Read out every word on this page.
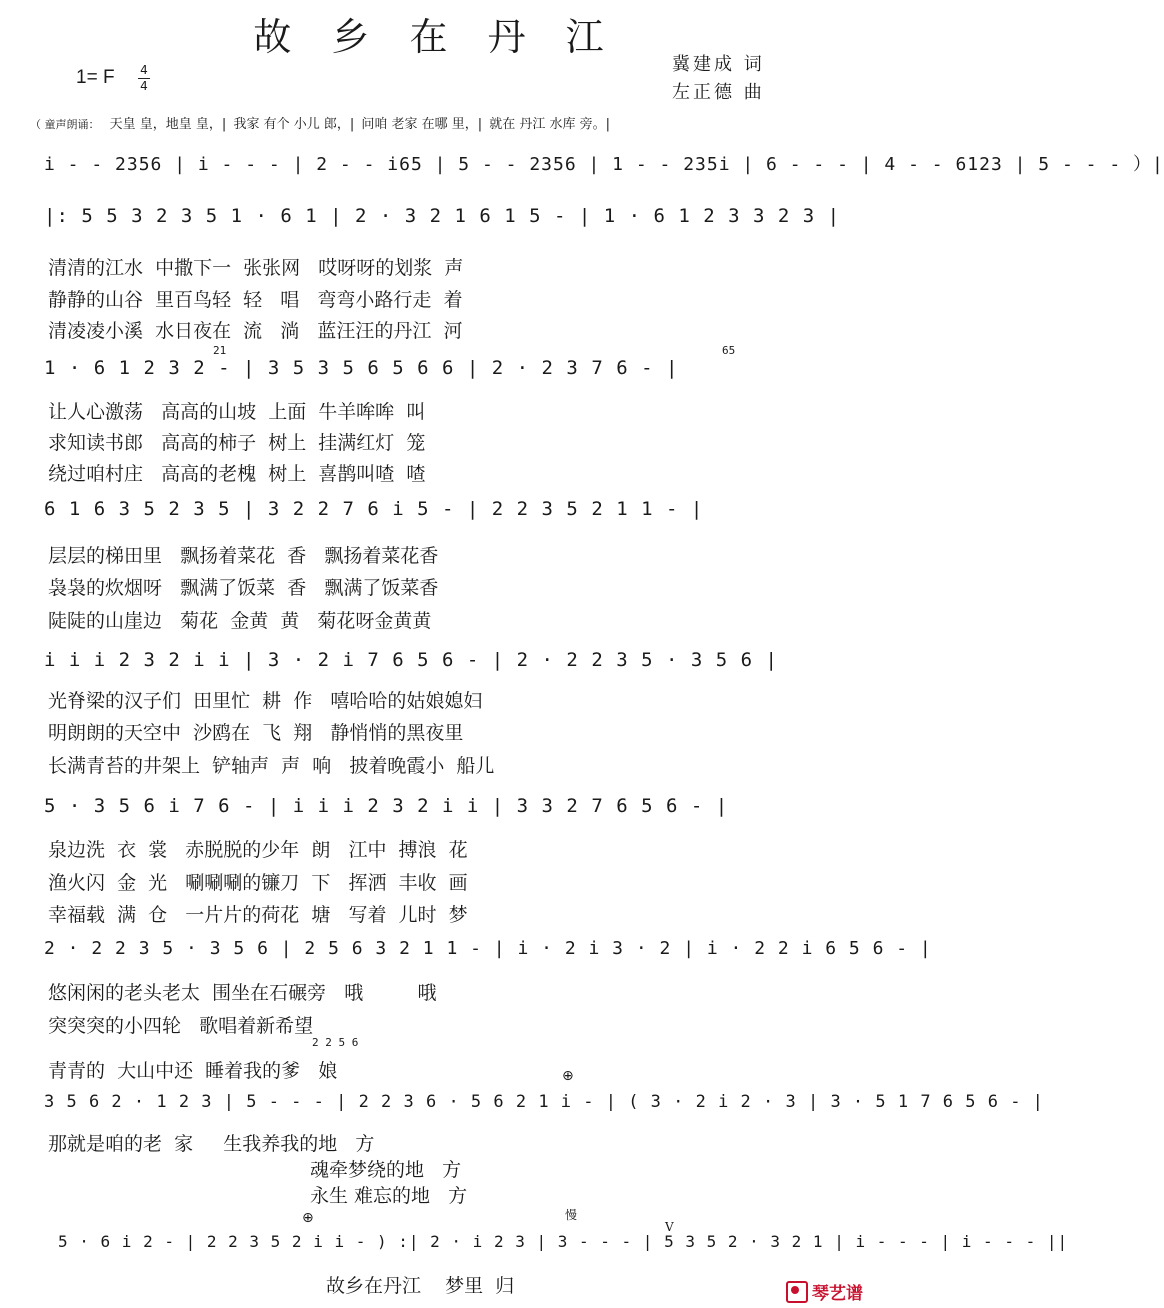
故 乡 在 丹 江
1= F 4
4
冀建成 词
左正德 曲
（ 童声朗诵： 天皇 皇，地皇 皇，| 我家 有个 小儿 郎，| 问咱 老家 在哪 里，| 就在 丹江 水库 旁。|
i - - 2356 | i - - - | 2 - - i65 | 5 - - 2356 | 1 - - 235i | 6 - - - | 4 - - 6123 | 5 - - - ）|
|: 5 5 3 2 3 5 1 · 6 1 | 2 · 3 2 1 6 1 5 - | 1 · 6 1 2 3 3 2 3 |
清清的江水  中撒下一  张张网   哎呀呀的划浆  声
静静的山谷  里百鸟轻  轻   唱   弯弯小路行走  着
清凌凌小溪  水日夜在  流   淌   蓝汪汪的丹江  河
21	65
1 · 6 1 2 3 2 - | 3 5 3 5 6 5 6 6 | 2 · 2 3 7 6 - |
让人心激荡   高高的山坡  上面  牛羊哞哞  叫
求知读书郎   高高的柿子  树上  挂满红灯  笼
绕过咱村庄   高高的老槐  树上  喜鹊叫喳  喳
6 1 6 3 5 2 3 5 | 3 2 2 7 6 i 5 - | 2 2 3 5 2 1 1 - |
层层的梯田里   飘扬着菜花  香   飘扬着菜花香
袅袅的炊烟呀   飘满了饭菜  香   飘满了饭菜香
陡陡的山崖边   菊花  金黄  黄   菊花呀金黄黄
i i i 2 3 2 i i | 3 · 2 i 7 6 5 6 - | 2 · 2 2 3 5 · 3 5 6 |
光脊梁的汉子们  田里忙  耕  作   嘻哈哈的姑娘媳妇
明朗朗的天空中  沙鸥在  飞  翔   静悄悄的黑夜里
长满青苔的井架上  铲轴声  声  响   披着晚霞小  船儿
5 · 3 5 6 i 7 6 - | i i i 2 3 2 i i | 3 3 2 7 6 5 6 - |
泉边洗  衣  裳   赤脱脱的少年  朗   江中  搏浪  花
渔火闪  金  光   唰唰唰的镰刀  下   挥洒  丰收  画
幸福载  满  仓   一片片的荷花  塘   写着  儿时  梦
2 · 2 2 3 5 · 3 5 6 | 2 5 6 3 2 1 1 - | i · 2 i 3 · 2 | i · 2 2 i 6 5 6 - |
悠闲闲的老头老太  围坐在石碾旁   哦         哦
突突突的小四轮   歌唱着新希望
2 2 5 6
青青的  大山中还  睡着我的爹   娘	⊕
3 5 6 2 · 1 2 3 | 5 - - - | 2 2 3 6 · 5 6 2 1 i - | ( 3 · 2 i 2 · 3 | 3 · 5 1 7 6 5 6 - |
那就是咱的老  家     生我养我的地   方
魂牵梦绕的地   方
永生 难忘的地   方
⊕	慢
V
5 · 6 i 2 - | 2 2 3 5 2 i i - ) :| 2 · i 2 3 | 3 - - - | 5 3 5 2 · 3 2 1 | i - - - | i - - - ||
故乡在丹江    梦里  归	琴艺谱
